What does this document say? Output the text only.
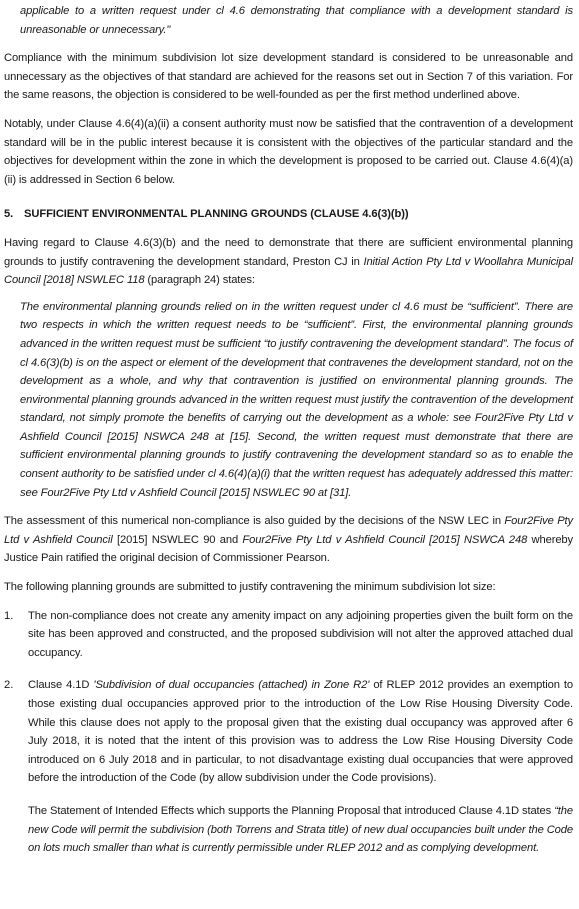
applicable to a written request under cl 4.6 demonstrating that compliance with a development standard is unreasonable or unnecessary."

Compliance with the minimum subdivision lot size development standard is considered to be unreasonable and unnecessary as the objectives of that standard are achieved for the reasons set out in Section 7 of this variation. For the same reasons, the objection is considered to be well-founded as per the first method underlined above.

Notably, under Clause 4.6(4)(a)(ii) a consent authority must now be satisfied that the contravention of a development standard will be in the public interest because it is consistent with the objectives of the particular standard and the objectives for development within the zone in which the development is proposed to be carried out. Clause 4.6(4)(a)(ii) is addressed in Section 6 below.

5. SUFFICIENT ENVIRONMENTAL PLANNING GROUNDS (CLAUSE 4.6(3)(b))

Having regard to Clause 4.6(3)(b) and the need to demonstrate that there are sufficient environmental planning grounds to justify contravening the development standard, Preston CJ in Initial Action Pty Ltd v Woollahra Municipal Council [2018] NSWLEC 118 (paragraph 24) states:

The environmental planning grounds relied on in the written request under cl 4.6 must be “sufficient”. There are two respects in which the written request needs to be “sufficient”. First, the environmental planning grounds advanced in the written request must be sufficient “to justify contravening the development standard”. The focus of cl 4.6(3)(b) is on the aspect or element of the development that contravenes the development standard, not on the development as a whole, and why that contravention is justified on environmental planning grounds. The environmental planning grounds advanced in the written request must justify the contravention of the development standard, not simply promote the benefits of carrying out the development as a whole: see Four2Five Pty Ltd v Ashfield Council [2015] NSWCA 248 at [15]. Second, the written request must demonstrate that there are sufficient environmental planning grounds to justify contravening the development standard so as to enable the consent authority to be satisfied under cl 4.6(4)(a)(i) that the written request has adequately addressed this matter: see Four2Five Pty Ltd v Ashfield Council [2015] NSWLEC 90 at [31].

The assessment of this numerical non-compliance is also guided by the decisions of the NSW LEC in Four2Five Pty Ltd v Ashfield Council [2015] NSWLEC 90 and Four2Five Pty Ltd v Ashfield Council [2015] NSWCA 248 whereby Justice Pain ratified the original decision of Commissioner Pearson.

The following planning grounds are submitted to justify contravening the minimum subdivision lot size:

1.	The non-compliance does not create any amenity impact on any adjoining properties given the built form on the site has been approved and constructed, and the proposed subdivision will not alter the approved attached dual occupancy.

2.	Clause 4.1D 'Subdivision of dual occupancies (attached) in Zone R2' of RLEP 2012 provides an exemption to those existing dual occupancies approved prior to the introduction of the Low Rise Housing Diversity Code. While this clause does not apply to the proposal given that the existing dual occupancy was approved after 6 July 2018, it is noted that the intent of this provision was to address the Low Rise Housing Diversity Code introduced on 6 July 2018 and in particular, to not disadvantage existing dual occupancies that were approved before the introduction of the Code (by allow subdivision under the Code provisions).

The Statement of Intended Effects which supports the Planning Proposal that introduced Clause 4.1D states “the new Code will permit the subdivision (both Torrens and Strata title) of new dual occupancies built under the Code on lots much smaller than what is currently permissible under RLEP 2012 and as complying development.
